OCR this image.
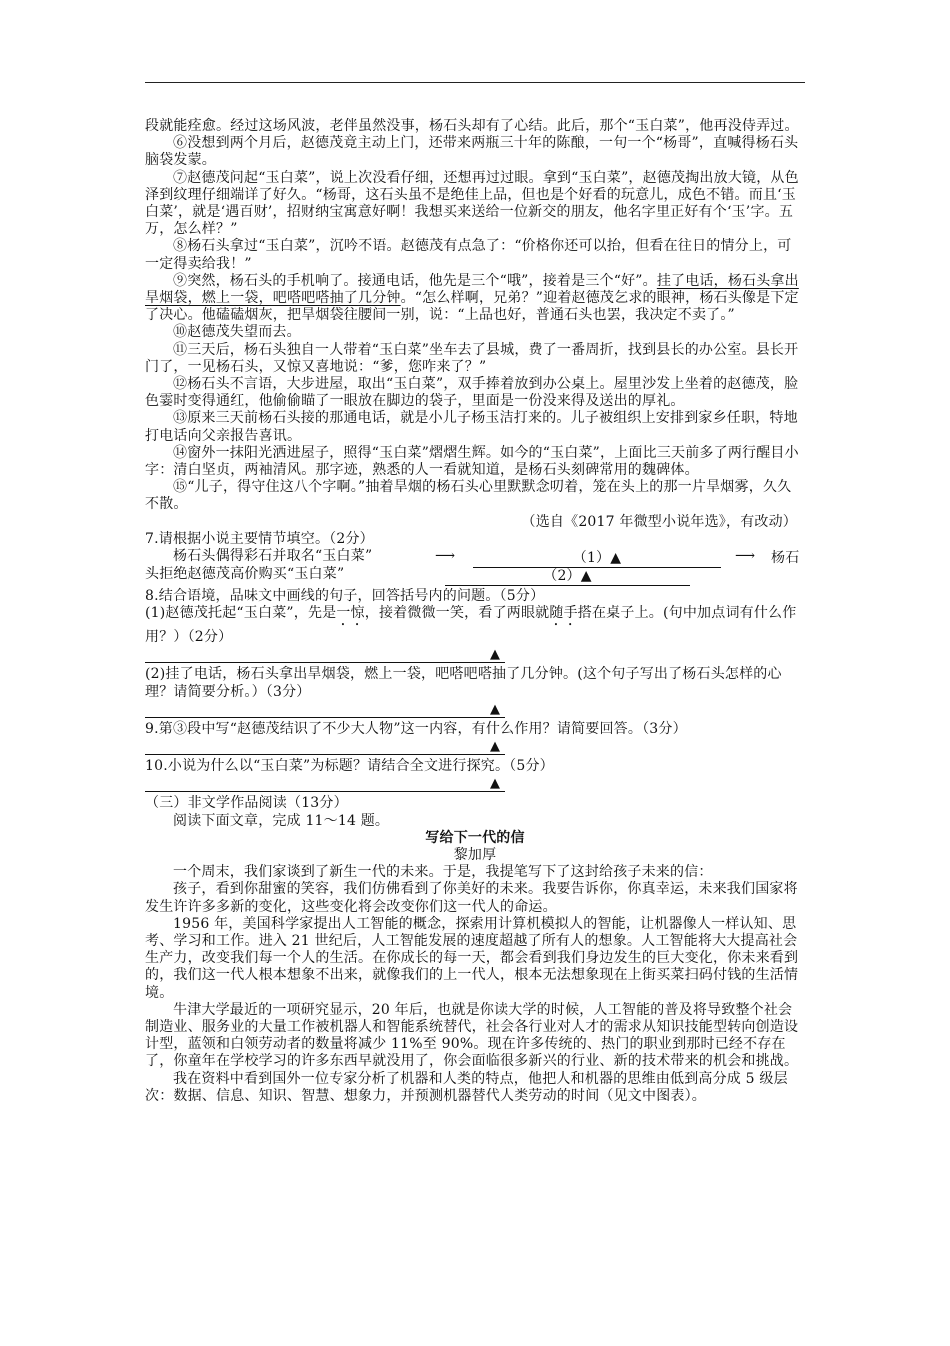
段就能痊愈。经过这场风波，老伴虽然没事，杨石头却有了心结。此后，那个“玉白菜”，他再没侍弄过。

⑥没想到两个月后，赵德茂竟主动上门，还带来两瓶三十年的陈酿，一句一个“杨哥”，直喊得杨石头脑袋发蒙。

⑦赵德茂问起“玉白菜”，说上次没看仔细，还想再过过眼。拿到“玉白菜”，赵德茂掏出放大镜，从色泽到纹理仔细端详了好久。“杨哥，这石头虽不是绝佳上品，但也是个好看的玩意儿，成色不错。而且‘玉白菜’，就是‘遇百财’，招财纳宝寓意好啊！我想买来送给一位新交的朋友，他名字里正好有个‘玉’字。五万，怎么样？”

⑧杨石头拿过“玉白菜”，沉吟不语。赵德茂有点急了：“价格你还可以抬，但看在往日的情分上，可一定得卖给我！”

⑨突然，杨石头的手机响了。接通电话，他先是三个“哦”，接着是三个“好”。挂了电话，杨石头拿出旱烟袋，燃上一袋，吧嗒吧嗒抽了几分钟。“怎么样啊，兄弟？”迎着赵德茂乞求的眼神，杨石头像是下定了决心。他磕磕烟灰，把旱烟袋往腰间一别，说：“上品也好，普通石头也罢，我决定不卖了。”

⑩赵德茂失望而去。

⑪三天后，杨石头独自一人带着“玉白菜”坐车去了县城，费了一番周折，找到县长的办公室。县长开门了，一见杨石头，又惊又喜地说：“爹，您咋来了？”

⑫杨石头不言语，大步进屋，取出“玉白菜”，双手捧着放到办公桌上。屋里沙发上坐着的赵德茂，脸色霎时变得通红，他偷偷瞄了一眼放在脚边的袋子，里面是一份没来得及送出的厚礼。

⑬原来三天前杨石头接的那通电话，就是小儿子杨玉洁打来的。儿子被组织上安排到家乡任职，特地打电话向父亲报告喜讯。

⑭窗外一抹阳光洒进屋子，照得“玉白菜”熠熠生辉。如今的“玉白菜”，上面比三天前多了两行醒目小字：清白坚贞，两袖清风。那字迹，熟悉的人一看就知道，是杨石头刻碑常用的魏碑体。

⑮“儿子，得守住这八个字啊。”抽着旱烟的杨石头心里默默念叨着，笼在头上的那一片旱烟雾，久久不散。

（选自《2017 年微型小说年选》，有改动）

7.请根据小说主要情节填空。（2分）

杨石头偶得彩石并取名“玉白菜”	⟶	（1）▲	⟶ 杨石
头拒绝赵德茂高价购买“玉白菜”	（2）▲

8.结合语境，品味文中画线的句子，回答括号内的问题。（5分）

(1)赵德茂托起“玉白菜”，先是一惊，接着微微一笑，看了两眼就随手搭在桌子上。(句中加点词有什么作用？）（2分）

▲

(2)挂了电话，杨石头拿出旱烟袋，燃上一袋，吧嗒吧嗒抽了几分钟。(这个句子写出了杨石头怎样的心理？请简要分析。）（3分）

▲

9.第③段中写“赵德茂结识了不少大人物”这一内容，有什么作用？请简要回答。（3分）

▲

10.小说为什么以“玉白菜”为标题？请结合全文进行探究。（5分）

▲

（三）非文学作品阅读（13分）

阅读下面文章，完成 11～14 题。

写给下一代的信

黎加厚

一个周末，我们家谈到了新生一代的未来。于是，我提笔写下了这封给孩子未来的信：

孩子，看到你甜蜜的笑容，我们仿佛看到了你美好的未来。我要告诉你，你真幸运，未来我们国家将发生许许多多新的变化，这些变化将会改变你们这一代人的命运。

1956 年，美国科学家提出人工智能的概念，探索用计算机模拟人的智能，让机器像人一样认知、思考、学习和工作。进入 21 世纪后，人工智能发展的速度超越了所有人的想象。人工智能将大大提高社会生产力，改变我们每一个人的生活。在你成长的每一天，都会看到我们身边发生的巨大变化，你未来看到的，我们这一代人根本想象不出来，就像我们的上一代人，根本无法想象现在上街买菜扫码付钱的生活情境。

牛津大学最近的一项研究显示，20 年后，也就是你读大学的时候，人工智能的普及将导致整个社会制造业、服务业的大量工作被机器人和智能系统替代，社会各行业对人才的需求从知识技能型转向创造设计型，蓝领和白领劳动者的数量将减少 11%至 90%。现在许多传统的、热门的职业到那时已经不存在了，你童年在学校学习的许多东西早就没用了，你会面临很多新兴的行业、新的技术带来的机会和挑战。

我在资料中看到国外一位专家分析了机器和人类的特点，他把人和机器的思维由低到高分成 5 级层次：数据、信息、知识、智慧、想象力，并预测机器替代人类劳动的时间（见文中图表）。
